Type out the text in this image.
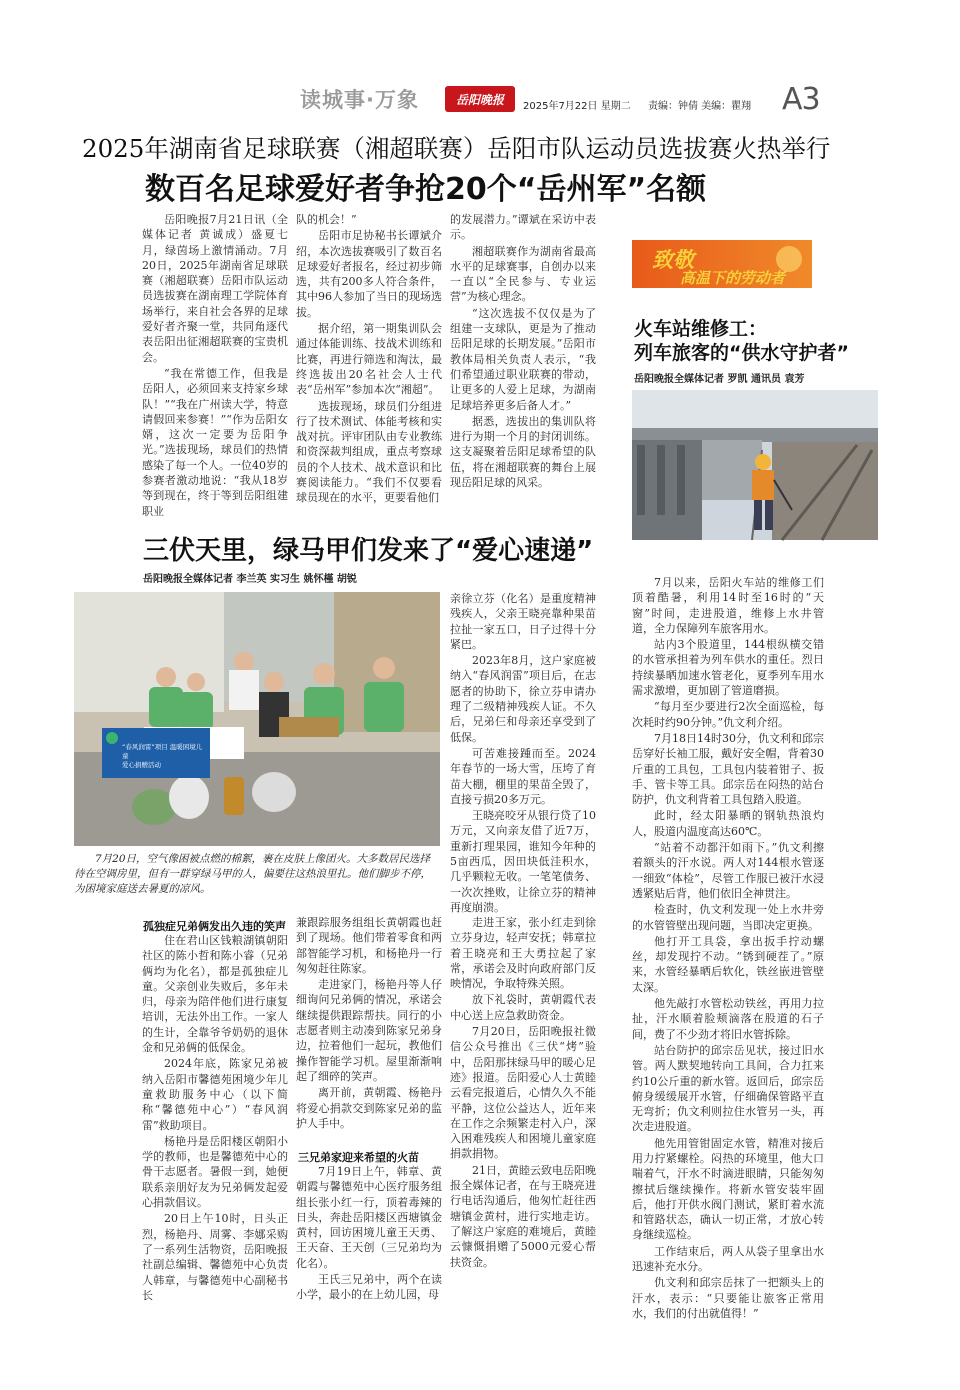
读城事·万象	岳阳晚报 2025年7月22日 星期二 责编：钟倩 美编：瞿翔 A3
2025年湖南省足球联赛（湘超联赛）岳阳市队运动员选拔赛火热举行
数百名足球爱好者争抢20个“岳州军”名额

岳阳晚报7月21日讯（全媒体记者 黄诚成）盛夏七月，绿茵场上激情涌动。7月20日，2025年湖南省足球联赛（湘超联赛）岳阳市队运动员选拔赛在湖南理工学院体育场举行，来自社会各界的足球爱好者齐聚一堂，共同角逐代表岳阳出征湘超联赛的宝贵机会。

“我在常德工作，但我是岳阳人，必须回来支持家乡球队！”“我在广州读大学，特意请假回来参赛！”“作为岳阳女婿，这次一定要为岳阳争光。”选拔现场，球员们的热情感染了每一个人。一位40岁的参赛者激动地说：“我从18岁等到现在，终于等到岳阳组建职业

队的机会！”

岳阳市足协秘书长谭斌介绍，本次选拔赛吸引了数百名足球爱好者报名，经过初步筛选，共有200多人符合条件，其中96人参加了当日的现场选拔。

据介绍，第一期集训队会通过体能训练、技战术训练和比赛，再进行筛选和淘汰，最终选拔出20名社会人士代表“岳州军”参加本次“湘超”。

选拔现场，球员们分组进行了技术测试、体能考核和实战对抗。评审团队由专业教练和资深裁判组成，重点考察球员的个人技术、战术意识和比赛阅读能力。“我们不仅要看球员现在的水平，更要看他们

的发展潜力。”谭斌在采访中表示。

湘超联赛作为湖南省最高水平的足球赛事，自创办以来一直以“全民参与、专业运营”为核心理念。

“这次选拔不仅仅是为了组建一支球队，更是为了推动岳阳足球的长期发展。”岳阳市教体局相关负责人表示，“我们希望通过职业联赛的带动，让更多的人爱上足球，为湖南足球培养更多后备人才。”

据悉，选拔出的集训队将进行为期一个月的封闭训练。这支凝聚着岳阳足球希望的队伍，将在湘超联赛的舞台上展现岳阳足球的风采。

致敬
高温下的劳动者
火车站维修工：
列车旅客的“供水守护者”
岳阳晚报全媒体记者 罗凯 通讯员 袁芳

7月以来，岳阳火车站的维修工们顶着酷暑，利用14时至16时的“天窗”时间，走进股道，维修上水井管道，全力保障列车旅客用水。

站内3个股道里，144根纵横交错的水管承担着为列车供水的重任。烈日持续暴晒加速水管老化，夏季列车用水需求激增，更加剧了管道磨损。

“每月至少要进行2次全面巡检，每次耗时约90分钟。”仇文利介绍。

7月18日14时30分，仇文利和邱宗岳穿好长袖工服，戴好安全帽，背着30斤重的工具包，工具包内装着钳子、扳手、管卡等工具。邱宗岳在闷热的站台防护，仇文利背着工具包踏入股道。

此时，经太阳暴晒的钢轨热浪灼人，股道内温度高达60℃。

“站着不动都汗如雨下。”仇文利擦着额头的汗水说。两人对144根水管逐一细致“体检”，尽管工作服已被汗水浸透紧贴后背，他们依旧全神贯注。

检查时，仇文利发现一处上水井旁的水管管壁出现问题，当即决定更换。

他打开工具袋，拿出扳手拧动螺丝，却发现拧不动。“锈到硬茬了。”原来，水管经暴晒后软化，铁丝嵌进管壁太深。

他先敲打水管松动铁丝，再用力拉扯，汗水顺着脸颊滴落在股道的石子间，费了不少劲才将旧水管拆除。

站台防护的邱宗岳见状，接过旧水管。两人默契地转向工具间，合力扛来约10公斤重的新水管。返回后，邱宗岳俯身缓缓展开水管，仔细确保管路平直无弯折；仇文利则拉住水管另一头，再次走进股道。

他先用管钳固定水管，精准对接后用力拧紧螺栓。闷热的环境里，他大口喘着气，汗水不时滴进眼睛，只能匆匆擦拭后继续操作。将新水管安装牢固后，他打开供水阀门测试，紧盯着水流和管路状态，确认一切正常，才放心转身继续巡检。

工作结束后，两人从袋子里拿出水迅速补充水分。

仇文利和邱宗岳抹了一把额头上的汗水，表示：“只要能让旅客正常用水，我们的付出就值得！”

三伏天里，绿马甲们发来了“爱心速递”
岳阳晚报全媒体记者 李兰英 实习生 姚怀槿 胡锐
“春风润雷”项目 温暖困境儿童
爱心捐赠活动
7月20日，空气像困被点燃的棉絮，裹在皮肤上像团火。大多数居民选择待在空调房里，但有一群穿绿马甲的人，偏要往这热浪里扎。他们脚步不停，为困境家庭送去暑夏的凉风。

亲徐立芬（化名）是重度精神残疾人，父亲王晓亮靠种果苗拉扯一家五口，日子过得十分紧巴。

2023年8月，这户家庭被纳入“春风润雷”项目后，在志愿者的协助下，徐立芬申请办理了二级精神残疾人证。不久后，兄弟仨和母亲还享受到了低保。

可苦难接踵而至。2024年春节的一场大雪，压垮了育苗大棚，棚里的果苗全毁了，直接亏损20多万元。

王晓亮咬牙从银行贷了10万元，又向亲友借了近7万，重新打理果园，谁知今年种的5亩西瓜，因田块低洼积水，几乎颗粒无收。一笔笔债务、一次次挫败，让徐立芬的精神再度崩溃。

孤独症兄弟俩发出久违的笑声

住在君山区钱粮湖镇朝阳社区的陈小哲和陈小睿（兄弟俩均为化名），都是孤独症儿童。父亲创业失败后，多年未归，母亲为陪伴他们进行康复培训，无法外出工作。一家人的生计，全靠爷爷奶奶的退休金和兄弟俩的低保金。

2024年底，陈家兄弟被纳入岳阳市馨德苑困境少年儿童救助服务中心（以下简称“馨德苑中心”）“春风润雷”救助项目。

杨艳丹是岳阳楼区朝阳小学的教师，也是馨德苑中心的骨干志愿者。暑假一到，她便联系亲朋好友为兄弟俩发起爱心捐款倡议。

20日上午10时，日头正烈，杨艳丹、周雾、李娜采购了一系列生活物资，岳阳晚报社副总编辑、馨德苑中心负责人韩章，与馨德苑中心副秘书长

兼跟踪服务组组长黄朝霞也赶到了现场。他们带着零食和两部智能学习机，和杨艳丹一行匆匆赶往陈家。

走进家门，杨艳丹等人仔细询问兄弟俩的情况，承诺会继续提供跟踪帮扶。同行的小志愿者则主动凑到陈家兄弟身边，拉着他们一起玩，教他们操作智能学习机。屋里渐渐响起了细碎的笑声。

离开前，黄朝霞、杨艳丹将爱心捐款交到陈家兄弟的监护人手中。

三兄弟家迎来希望的火苗

7月19日上午，韩章、黄朝霞与馨德苑中心医疗服务组组长张小红一行，顶着毒辣的日头，奔赴岳阳楼区西塘镇金黄村，回访困境儿童王天勇、王天奋、王天创（三兄弟均为化名）。

王氏三兄弟中，两个在读小学，最小的在上幼儿园，母

走进王家，张小红走到徐立芬身边，轻声安抚；韩章拉着王晓亮和王大勇拉起了家常，承诺会及时向政府部门反映情况，争取特殊关照。

放下礼袋时，黄朝霞代表中心送上应急救助资金。

7月20日，岳阳晚报社微信公众号推出《三伏“烤”验中，岳阳那抹绿马甲的暖心足迹》报道。岳阳爱心人士黄睦云看完报道后，心情久久不能平静，这位公益达人，近年来在工作之余频繁走村入户，深入困难残疾人和困境儿童家庭捐款捐物。

21日，黄睦云致电岳阳晚报全媒体记者，在与王晓亮进行电话沟通后，他匆忙赶往西塘镇金黄村，进行实地走访。了解这户家庭的难境后，黄睦云慷慨捐赠了5000元爱心帮扶资金。
